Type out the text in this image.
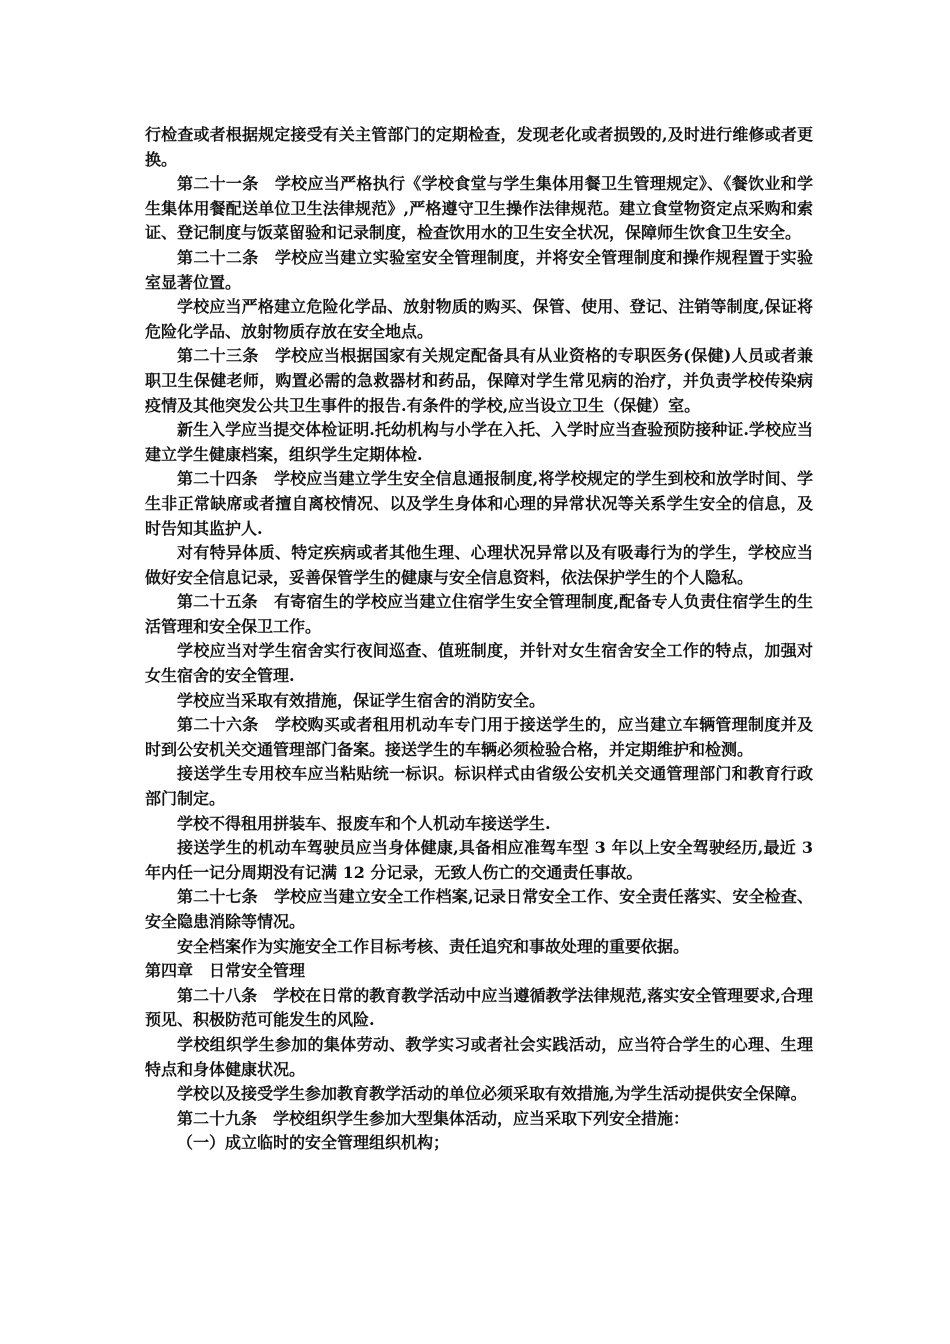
行检查或者根据规定接受有关主管部门的定期检查，发现老化或者损毁的,及时进行维修或者更换。

第二十一条　学校应当严格执行《学校食堂与学生集体用餐卫生管理规定》、《餐饮业和学生集体用餐配送单位卫生法律规范》,严格遵守卫生操作法律规范。建立食堂物资定点采购和索证、登记制度与饭菜留验和记录制度，检查饮用水的卫生安全状况，保障师生饮食卫生安全。

第二十二条　学校应当建立实验室安全管理制度，并将安全管理制度和操作规程置于实验室显著位置。

学校应当严格建立危险化学品、放射物质的购买、保管、使用、登记、注销等制度,保证将危险化学品、放射物质存放在安全地点。

第二十三条　学校应当根据国家有关规定配备具有从业资格的专职医务(保健)人员或者兼职卫生保健老师，购置必需的急救器材和药品，保障对学生常见病的治疗，并负责学校传染病疫情及其他突发公共卫生事件的报告.有条件的学校,应当设立卫生（保健）室。

新生入学应当提交体检证明.托幼机构与小学在入托、入学时应当查验预防接种证.学校应当建立学生健康档案，组织学生定期体检.

第二十四条　学校应当建立学生安全信息通报制度,将学校规定的学生到校和放学时间、学生非正常缺席或者擅自离校情况、以及学生身体和心理的异常状况等关系学生安全的信息，及时告知其监护人.

对有特异体质、特定疾病或者其他生理、心理状况异常以及有吸毒行为的学生，学校应当做好安全信息记录，妥善保管学生的健康与安全信息资料，依法保护学生的个人隐私。

第二十五条　有寄宿生的学校应当建立住宿学生安全管理制度,配备专人负责住宿学生的生活管理和安全保卫工作。

学校应当对学生宿舍实行夜间巡查、值班制度，并针对女生宿舍安全工作的特点，加强对女生宿舍的安全管理.

学校应当采取有效措施，保证学生宿舍的消防安全。

第二十六条　学校购买或者租用机动车专门用于接送学生的，应当建立车辆管理制度并及时到公安机关交通管理部门备案。接送学生的车辆必须检验合格，并定期维护和检测。

接送学生专用校车应当粘贴统一标识。标识样式由省级公安机关交通管理部门和教育行政部门制定。

学校不得租用拼装车、报废车和个人机动车接送学生.

接送学生的机动车驾驶员应当身体健康,具备相应准驾车型 3 年以上安全驾驶经历,最近 3 年内任一记分周期没有记满 12 分记录，无致人伤亡的交通责任事故。

第二十七条　学校应当建立安全工作档案,记录日常安全工作、安全责任落实、安全检查、安全隐患消除等情况。

安全档案作为实施安全工作目标考核、责任追究和事故处理的重要依据。

第四章　日常安全管理

第二十八条　学校在日常的教育教学活动中应当遵循教学法律规范,落实安全管理要求,合理预见、积极防范可能发生的风险.

学校组织学生参加的集体劳动、教学实习或者社会实践活动，应当符合学生的心理、生理特点和身体健康状况。

学校以及接受学生参加教育教学活动的单位必须采取有效措施,为学生活动提供安全保障。

第二十九条　学校组织学生参加大型集体活动，应当采取下列安全措施：

（一）成立临时的安全管理组织机构；
